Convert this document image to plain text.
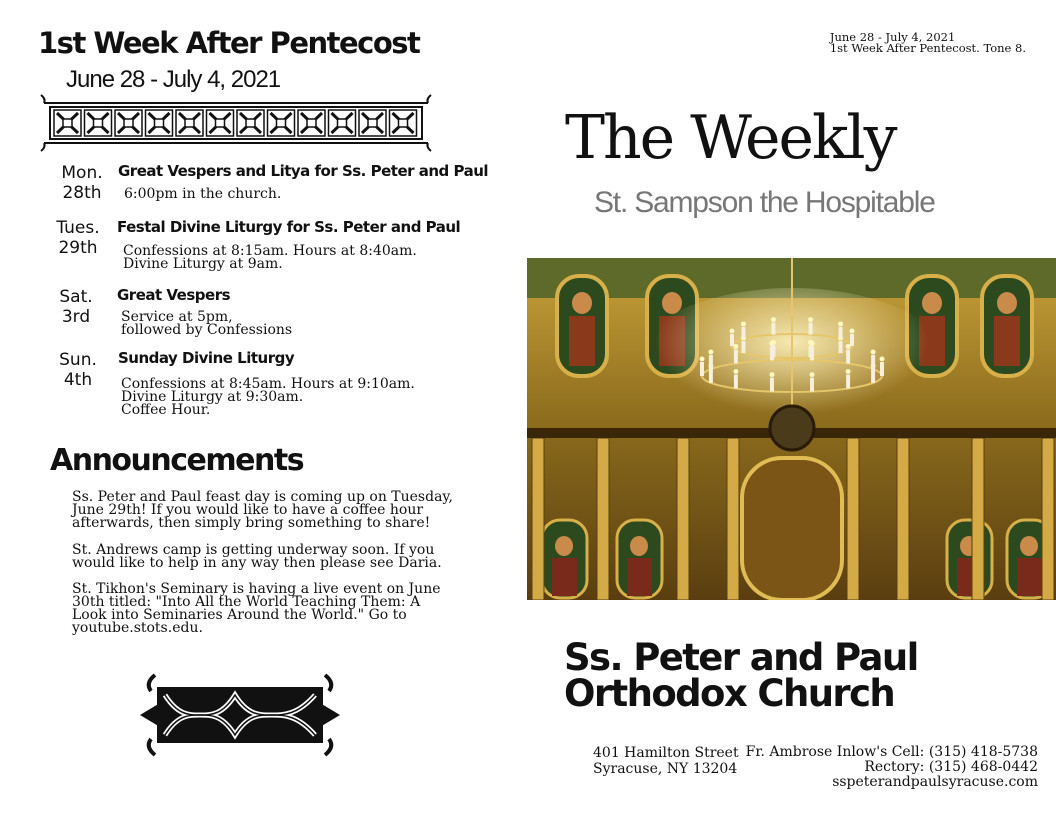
1st Week After Pentecost
June 28 - July 4, 2021
Mon.
28th
Great Vespers and Litya for Ss. Peter and Paul
6:00pm in the church.
Tues.
29th
Festal Divine Liturgy for Ss. Peter and Paul
Confessions at 8:15am. Hours at 8:40am.
Divine Liturgy at 9am.
Sat.
3rd
Great Vespers
Service at 5pm,
followed by Confessions
Sun.
4th
Sunday Divine Liturgy
Confessions at 8:45am. Hours at 9:10am.
Divine Liturgy at 9:30am.
Coffee Hour.
Announcements
Ss. Peter and Paul feast day is coming up on Tuesday,
June 29th! If you would like to have a coffee hour
afterwards, then simply bring something to share!
St. Andrews camp is getting underway soon. If you
would like to help in any way then please see Daria.
St. Tikhon's Seminary is having a live event on June
30th titled: "Into All the World Teaching Them: A
Look into Seminaries Around the World." Go to
youtube.stots.edu.
June 28 - July 4, 2021
1st Week After Pentecost. Tone 8.
The Weekly
St. Sampson the Hospitable
Ss. Peter and Paul
Orthodox Church
401 Hamilton Street
Syracuse, NY 13204
Fr. Ambrose Inlow's Cell: (315) 418-5738
Rectory: (315) 468-0442
sspeterandpaulsyracuse.com
